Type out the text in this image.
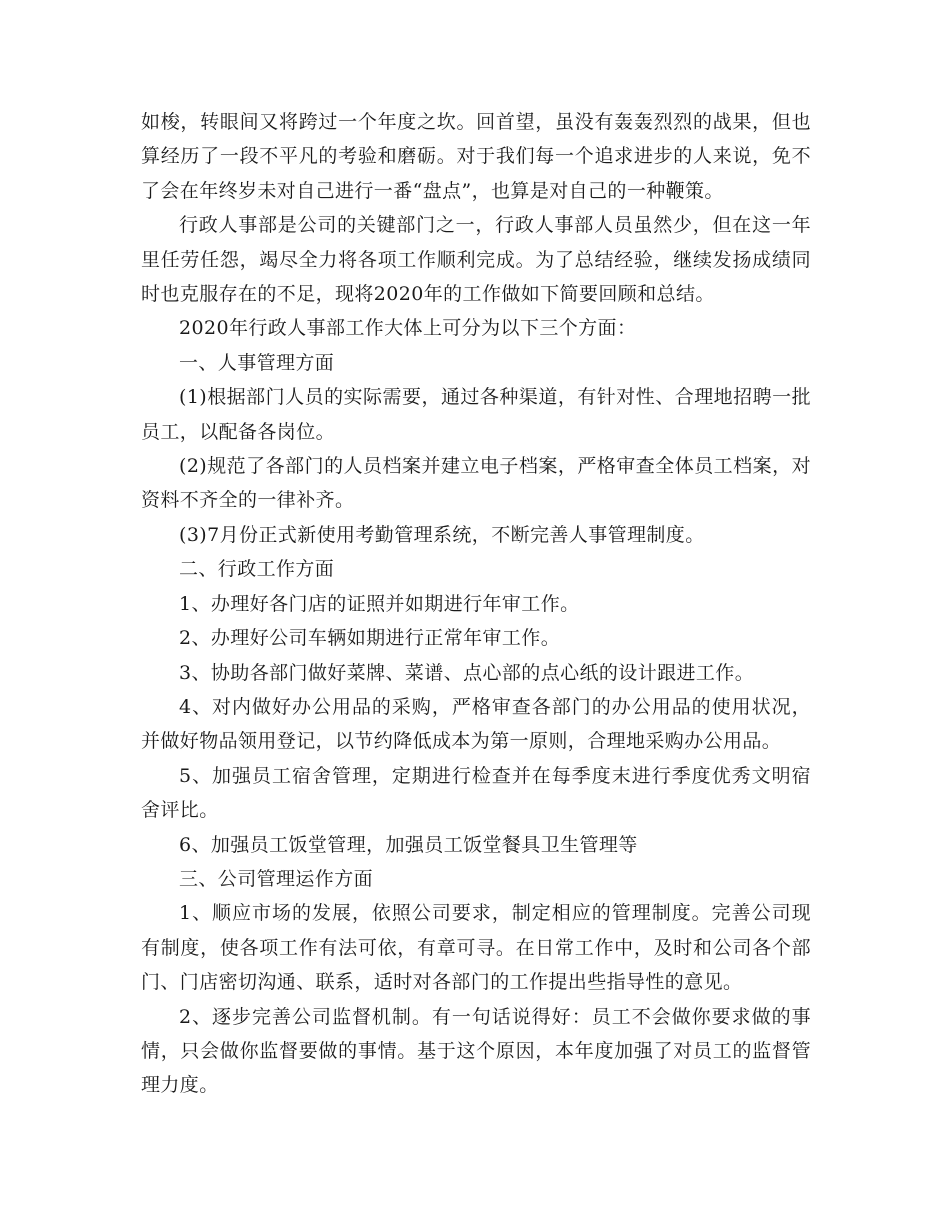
如梭，转眼间又将跨过一个年度之坎。回首望，虽没有轰轰烈烈的战果，但也算经历了一段不平凡的考验和磨砺。对于我们每一个追求进步的人来说，免不了会在年终岁未对自己进行一番“盘点”，也算是对自己的一种鞭策。

行政人事部是公司的关键部门之一，行政人事部人员虽然少，但在这一年里任劳任怨，竭尽全力将各项工作顺利完成。为了总结经验，继续发扬成绩同时也克服存在的不足，现将2020年的工作做如下简要回顾和总结。

2020年行政人事部工作大体上可分为以下三个方面：

一、人事管理方面

(1)根据部门人员的实际需要，通过各种渠道，有针对性、合理地招聘一批员工，以配备各岗位。

(2)规范了各部门的人员档案并建立电子档案，严格审查全体员工档案，对资料不齐全的一律补齐。

(3)7月份正式新使用考勤管理系统，不断完善人事管理制度。

二、行政工作方面

1、办理好各门店的证照并如期进行年审工作。

2、办理好公司车辆如期进行正常年审工作。

3、协助各部门做好菜牌、菜谱、点心部的点心纸的设计跟进工作。

4、对内做好办公用品的采购，严格审查各部门的办公用品的使用状况，并做好物品领用登记，以节约降低成本为第一原则，合理地采购办公用品。

5、加强员工宿舍管理，定期进行检查并在每季度末进行季度优秀文明宿舍评比。

6、加强员工饭堂管理，加强员工饭堂餐具卫生管理等

三、公司管理运作方面

1、顺应市场的发展，依照公司要求，制定相应的管理制度。完善公司现有制度，使各项工作有法可依，有章可寻。在日常工作中，及时和公司各个部门、门店密切沟通、联系，适时对各部门的工作提出些指导性的意见。

2、逐步完善公司监督机制。有一句话说得好：员工不会做你要求做的事情，只会做你监督要做的事情。基于这个原因，本年度加强了对员工的监督管理力度。
